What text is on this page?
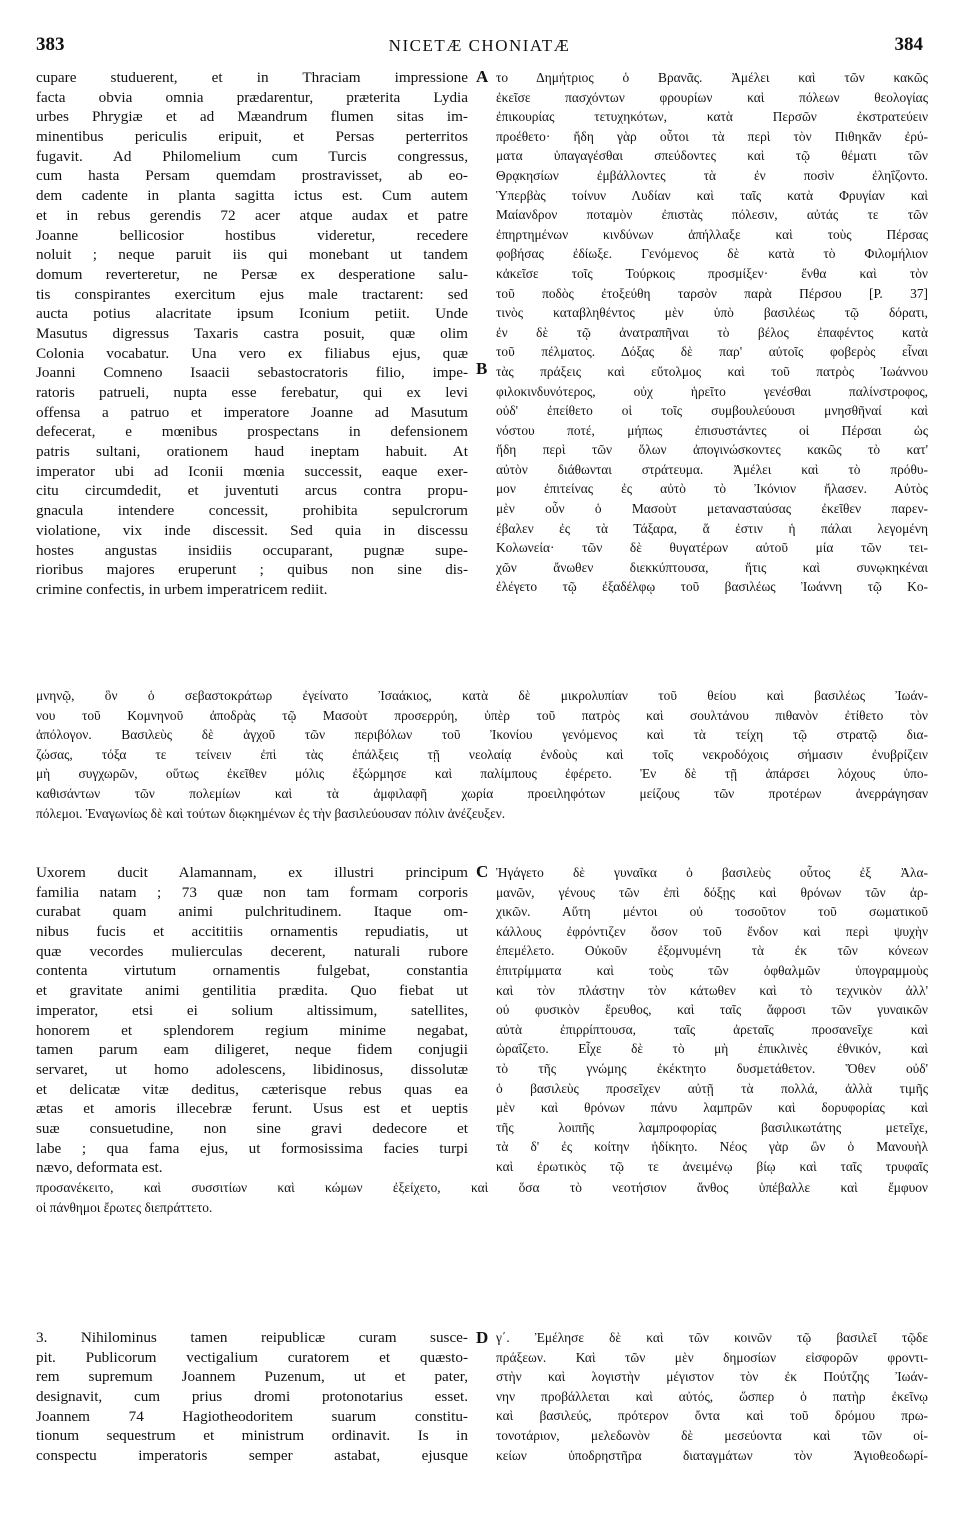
383	NICETÆ CHONIATÆ	384
A
B
C
D
cupare studuerent, et in Thraciam impressione
facta obvia omnia prædarentur, præterita Lydia
urbes Phrygiæ et ad Mæandrum flumen sitas im-
minentibus periculis eripuit, et Persas perterritos
fugavit. Ad Philomelium cum Turcis congressus,
cum hasta Persam quemdam prostravisset, ab eo-
dem cadente in planta sagitta ictus est. Cum autem
et in rebus gerendis 72 acer atque audax et patre
Joanne bellicosior hostibus videretur, recedere
noluit ; neque paruit iis qui monebant ut tandem
domum reverteretur, ne Persæ ex desperatione salu-
tis conspirantes exercitum ejus male tractarent: sed
aucta potius alacritate ipsum Iconium petiit. Unde
Masutus digressus Taxaris castra posuit, quæ olim
Colonia vocabatur. Una vero ex filiabus ejus, quæ
Joanni Comneno Isaacii sebastocratoris filio, impe-
ratoris patrueli, nupta esse ferebatur, qui ex levi
offensa a patruo et imperatore Joanne ad Masutum
defecerat, e mœnibus prospectans in defensionem
patris sultani, orationem haud ineptam habuit. At
imperator ubi ad Iconii mœnia successit, eaque exer-
citu circumdedit, et juventuti arcus contra propu-
gnacula intendere concessit, prohibita sepulcrorum
violatione, vix inde discessit. Sed quia in discessu
hostes angustas insidiis occuparant, pugnæ supe-
rioribus majores eruperunt ; quibus non sine dis-
crimine confectis, in urbem imperatricem rediit.
το Δημήτριος ὁ Βρανᾶς. Ἀμέλει καὶ τῶν κακῶς
ἐκεῖσε πασχόντων φρουρίων καὶ πόλεων θεολογίας
ἐπικουρίας τετυχηκότων, κατὰ Περσῶν ἐκστρατεύειν
προέθετο· ἤδη γὰρ οὗτοι τὰ περὶ τὸν Πιθηκᾶν ἐρύ-
ματα ὑπαγαγέσθαι σπεύδοντες καὶ τῷ θέματι τῶν
Θρᾳκησίων ἐμβάλλοντες τὰ ἐν ποσὶν ἐληΐζοντο.
Ὑπερβὰς τοίνυν Λυδίαν καὶ ταῖς κατὰ Φρυγίαν καὶ
Μαίανδρον ποταμὸν ἐπιστὰς πόλεσιν, αὐτάς τε τῶν
ἐπηρτημένων κινδύνων ἀπήλλαξε καὶ τοὺς Πέρσας
φοβήσας ἐδίωξε. Γενόμενος δὲ κατὰ τὸ Φιλομήλιον
κἀκεῖσε τοῖς Τούρκοις προσμίξεν· ἔνθα καὶ τὸν
τοῦ ποδὸς ἐτοξεύθη ταρσὸν παρὰ Πέρσου [P. 37]
τινὸς καταβληθέντος μὲν ὑπὸ βασιλέως τῷ δόρατι,
ἐν δὲ τῷ ἀνατραπῆναι τὸ βέλος ἐπαφέντος κατὰ
τοῦ πέλματος. Δόξας δὲ παρ' αὐτοῖς φοβερὸς εἶναι
τὰς πράξεις καὶ εὔτολμος καὶ τοῦ πατρὸς Ἰωάννου
φιλοκινδυνότερος, οὐχ ἡρεῖτο γενέσθαι παλίνστροφος,
οὐδ' ἐπείθετο οἱ τοῖς συμβουλεύουσι μνησθῆναί καὶ
νόστου ποτέ, μήπως ἐπισυστάντες οἱ Πέρσαι ὡς
ἤδη περὶ τῶν ὅλων ἀπογινώσκοντες κακῶς τὸ κατ'
αὐτὸν διάθωνται στράτευμα. Ἀμέλει καὶ τὸ πρόθυ-
μον ἐπιτείνας ἐς αὐτὸ τὸ Ἰκόνιον ἤλασεν. Αὐτὸς
μὲν οὖν ὁ Μασοὺτ μετανασταύσας ἐκεῖθεν παρεν-
έβαλεν ἐς τὰ Τάξαρα, ἅ ἐστιν ἡ πάλαι λεγομένη
Κολωνεία· τῶν δὲ θυγατέρων αὐτοῦ μία τῶν τει-
χῶν ἄνωθεν διεκκύπτουσα, ἥτις καὶ συνῳκηκέναι
ἐλέγετο τῷ ἐξαδέλφῳ τοῦ βασιλέως Ἰωάννη τῷ Κο-
μνηνῷ, ὃν ὁ σεβαστοκράτωρ ἐγείνατο Ἰσαάκιος, κατὰ δὲ μικρολυπίαν τοῦ θείου καὶ βασιλέως Ἰωάν-
νου τοῦ Κομνηνοῦ ἀποδρὰς τῷ Μασοὺτ προσερρύη, ὑπὲρ τοῦ πατρὸς καὶ σουλτάνου πιθανὸν ἐτίθετο τὸν
ἀπόλογον. Βασιλεὺς δὲ ἀγχοῦ τῶν περιβόλων τοῦ Ἰκονίου γενόμενος καὶ τὰ τείχη τῷ στρατῷ δια-
ζώσας, τόξα τε τείνειν ἐπὶ τὰς ἐπάλξεις τῇ νεολαίᾳ ἐνδοὺς καὶ τοῖς νεκροδόχοις σήμασιν ἐνυβρίζειν
μὴ συγχωρῶν, οὕτως ἐκεῖθεν μόλις ἐξώρμησε καὶ παλίμπους ἐφέρετο. Ἐν δὲ τῇ ἀπάρσει λόχους ὑπο-
καθισάντων τῶν πολεμίων καὶ τὰ ἀμφιλαφῆ χωρία προειληφότων μείζους τῶν προτέρων ἀνερράγησαν
πόλεμοι. Ἐναγωνίως δὲ καὶ τούτων διῳκημένων ἐς τὴν βασιλεύουσαν πόλιν ἀνέζευξεν.
Uxorem ducit Alamannam, ex illustri principum
familia natam ; 73 quæ non tam formam corporis
curabat quam animi pulchritudinem. Itaque om-
nibus fucis et accititiis ornamentis repudiatis, ut
quæ vecordes mulierculas decerent, naturali rubore
contenta virtutum ornamentis fulgebat, constantia
et gravitate animi gentilitia prædita. Quo fiebat ut
imperator, etsi ei solium altissimum, satellites,
honorem et splendorem regium minime negabat,
tamen parum eam diligeret, neque fidem conjugii
servaret, ut homo adolescens, libidinosus, dissolutæ
et delicatæ vitæ deditus, cæterisque rebus quas ea
ætas et amoris illecebræ ferunt. Usus est et ueptis
suæ consuetudine, non sine gravi dedecore et
labe ; qua fama ejus, ut formosissima facies turpi
nævo, deformata est.
Ἠγάγετο δὲ γυναῖκα ὁ βασιλεὺς οὗτος ἐξ Ἀλα-
μανῶν, γένους τῶν ἐπὶ δόξῃς καὶ θρόνων τῶν ἀρ-
χικῶν. Αὕτη μέντοι οὐ τοσοῦτον τοῦ σωματικοῦ
κάλλους ἐφρόντιζεν ὅσον τοῦ ἔνδον καὶ περὶ ψυχὴν
ἐπεμέλετο. Οὐκοῦν ἐξομνυμένη τὰ ἐκ τῶν κόνεων
ἐπιτρίμματα καὶ τοὺς τῶν ὀφθαλμῶν ὑπογραμμοὺς
καὶ τὸν πλάστην τὸν κάτωθεν καὶ τὸ τεχνικὸν ἀλλ'
οὐ φυσικὸν ἔρευθος, καὶ ταῖς ἄφροσι τῶν γυναικῶν
αὐτὰ ἐπιρρίπτουσα, ταῖς ἀρεταῖς προσανεῖχε καὶ
ὡραΐζετο. Εἶχε δὲ τὸ μὴ ἐπικλινὲς ἐθνικόν, καὶ
τὸ τῆς γνώμης ἐκέκτητο δυσμετάθετον. Ὅθεν οὐδ'
ὁ βασιλεὺς προσεῖχεν αὐτῇ τὰ πολλά, ἀλλὰ τιμῆς
μὲν καὶ θρόνων πάνυ λαμπρῶν καὶ δορυφορίας καὶ
τῆς λοιπῆς λαμπροφορίας βασιλικωτάτης μετεῖχε,
τὰ δ' ἐς κοίτην ἠδίκητο. Νέος γὰρ ὢν ὁ Μανουὴλ
καὶ ἐρωτικὸς τῷ τε ἀνειμένῳ βίῳ καὶ ταῖς τρυφαῖς
προσανέκειτο, καὶ συσσιτίων καὶ κώμων ἐξείχετο, καὶ ὅσα τὸ νεοτήσιον ἄνθος ὑπέβαλλε καὶ ἔμφυον
οἱ πάνθημοι ἔρωτες διεπράττετο.
3. Nihilominus tamen reipublicæ curam susce-
pit. Publicorum vectigalium curatorem et quæsto-
rem supremum Joannem Puzenum, ut et pater,
designavit, cum prius dromi protonotarius esset.
Joannem 74 Hagiotheodoritem suarum constitu-
tionum sequestrum et ministrum ordinavit. Is in
conspectu imperatoris semper astabat, ejusque
γ΄. Ἐμέλησε δὲ καὶ τῶν κοινῶν τῷ βασιλεῖ τῷδε
πράξεων. Καὶ τῶν μὲν δημοσίων εἰσφορῶν φροντι-
στὴν καὶ λογιστὴν μέγιστον τὸν ἐκ Πούτζης Ἰωάν-
νην προβάλλεται καὶ αὐτός, ὥσπερ ὁ πατὴρ ἐκεῖνῳ
καὶ βασιλεύς, πρότερον ὄντα καὶ τοῦ δρόμου πρω-
τονοτάριον, μελεδωνὸν δὲ μεσεύοντα καὶ τῶν οἰ-
κείων ὑποδρηστῆρα διαταγμάτων τὸν Ἁγιοθεοδωρί-
